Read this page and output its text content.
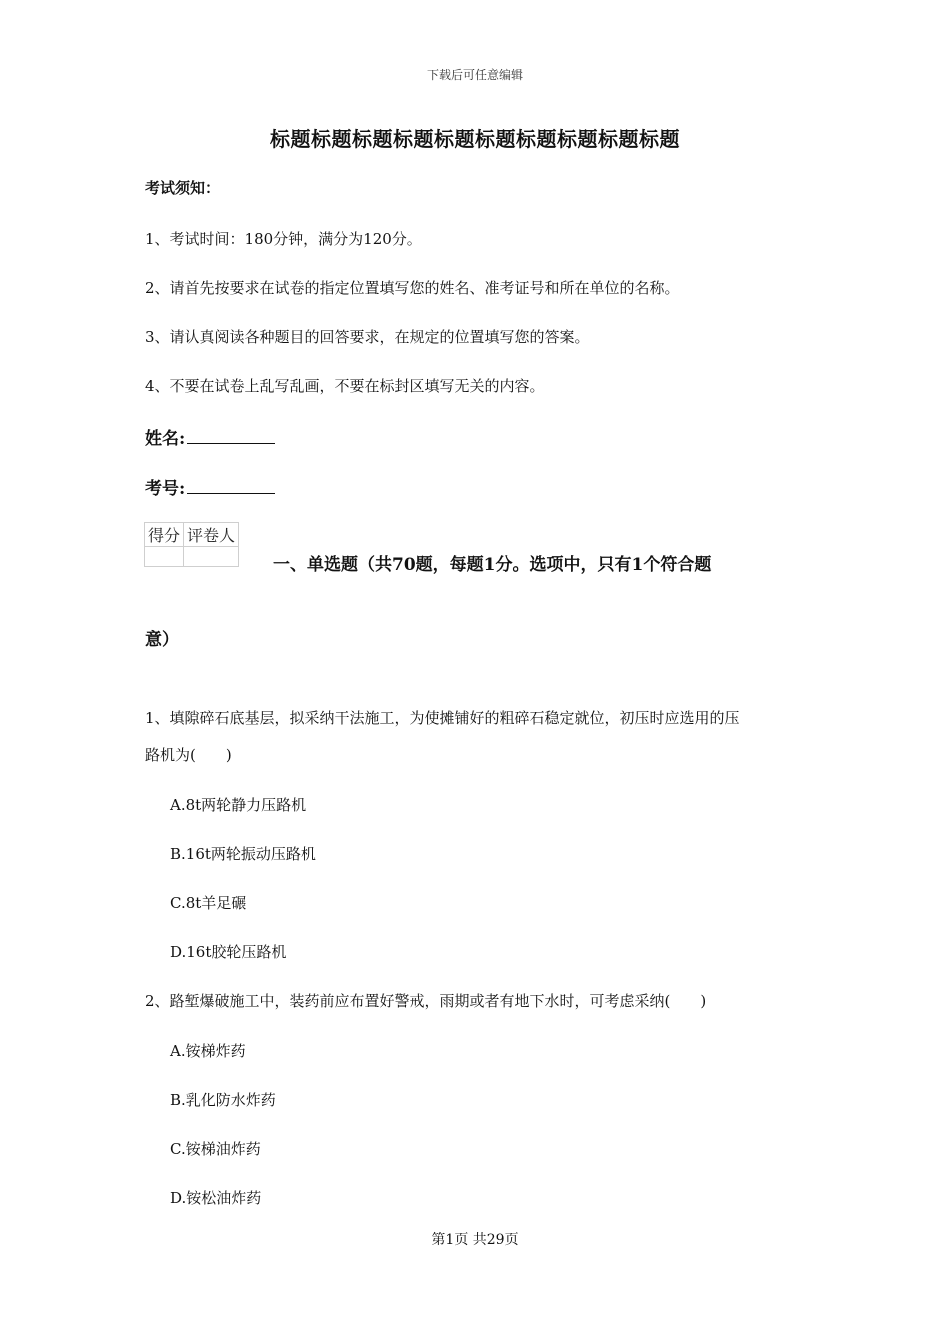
下载后可任意编辑
标题标题标题标题标题标题标题标题标题标题
考试须知：
1、考试时间：180分钟，满分为120分。
2、请首先按要求在试卷的指定位置填写您的姓名、准考证号和所在单位的名称。
3、请认真阅读各种题目的回答要求，在规定的位置填写您的答案。
4、不要在试卷上乱写乱画，不要在标封区填写无关的内容。
姓名:
考号:
得分	评卷人

一、单选题（共70题，每题1分。选项中，只有1个符合题
意）
1、填隙碎石底基层，拟采纳干法施工，为使摊铺好的粗碎石稳定就位，初压时应选用的压
路机为(　　)
A.8t两轮静力压路机
B.16t两轮振动压路机
C.8t羊足碾
D.16t胶轮压路机
2、路堑爆破施工中，装药前应布置好警戒，雨期或者有地下水时，可考虑采纳(　　)
A.铵梯炸药
B.乳化防水炸药
C.铵梯油炸药
D.铵松油炸药
第1页 共29页
